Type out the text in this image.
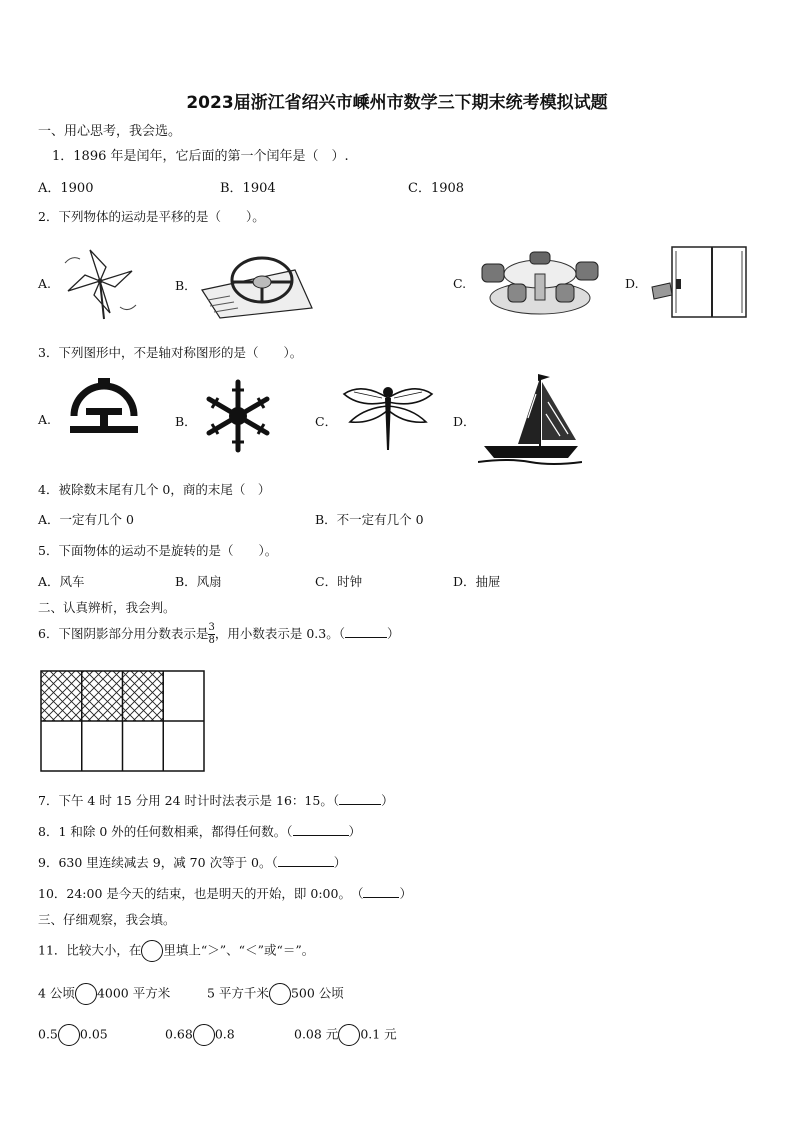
2023届浙江省绍兴市嵊州市数学三下期末统考模拟试题
一、用心思考，我会选。
1．1896 年是闰年，它后面的第一个闰年是（　）.
A．1900	B．1904	C．1908
2．下列物体的运动是平移的是（　　）。
A.	B．	C.	D.
3．下列图形中，不是轴对称图形的是（　　）。
A.	B．	C．	D．
4．被除数末尾有几个 0，商的末尾（　）
A．一定有几个 0	B．不一定有几个 0
5．下面物体的运动不是旋转的是（　　）。
A．风车	B．风扇	C．时钟	D．抽屉
二、认真辨析，我会判。
6．下图阴影部分用分数表示是 $\frac{3}{8}$ ，用小数表示是 0.3。（	）
7．下午 4 时 15 分用 24 时计时法表示是 16：15。（	）
8．1 和除 0 外的任何数相乘，都得任何数。（	）
9．630 里连续减去 9，减 70 次等于 0。（	）
10．24:00 是今天的结束，也是明天的开始，即 0:00。　（	）
三、仔细观察，我会填。
11．比较大小，在 里填上“＞”、“＜”或“＝”。
4 公顷 4000 平方米	5 平方千米 500 公顷
0.5 0.05	0.68 0.8	0.08 元 0.1 元
